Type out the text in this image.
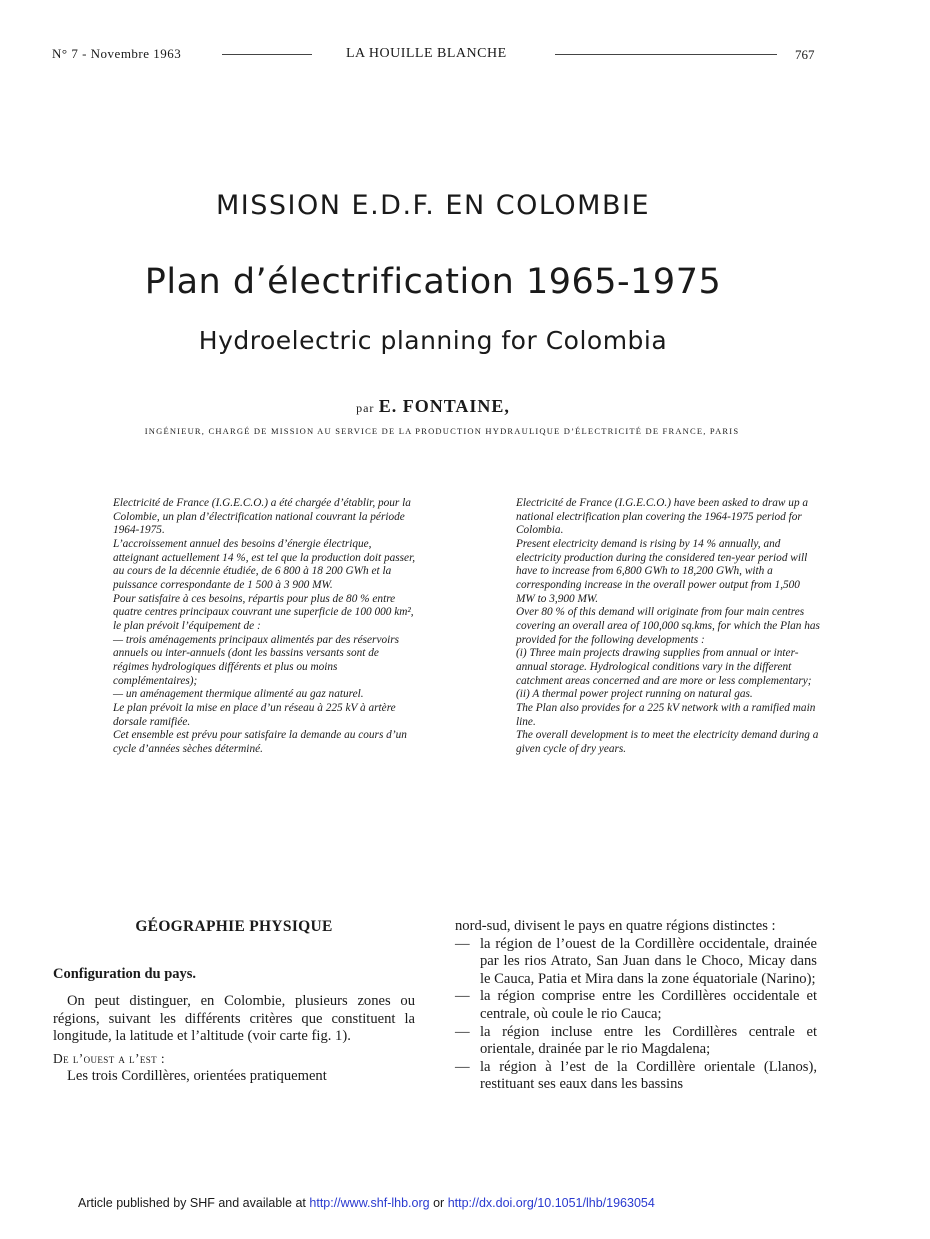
N° 7 - Novembre 1963	LA HOUILLE BLANCHE	767
MISSION E.D.F. EN COLOMBIE
Plan d’électrification 1965-1975
Hydroelectric planning for Colombia
par E. FONTAINE,
INGÉNIEUR, CHARGÉ DE MISSION AU SERVICE DE LA PRODUCTION HYDRAULIQUE D’ÉLECTRICITÉ DE FRANCE, PARIS

Electricité de France (I.G.E.C.O.) a été chargée d’établir, pour la Colombie, un plan d’électrification national couvrant la période 1964-1975.

L’accroissement annuel des besoins d’énergie électrique, atteignant actuellement 14 %, est tel que la production doit passer, au cours de la décennie étudiée, de 6 800 à 18 200 GWh et la puissance correspondante de 1 500 à 3 900 MW.

Pour satisfaire à ces besoins, répartis pour plus de 80 % entre quatre centres principaux couvrant une superficie de 100 000 km², le plan prévoit l’équipement de :

— trois aménagements principaux alimentés par des réservoirs annuels ou inter-annuels (dont les bassins versants sont de régimes hydrologiques différents et plus ou moins complémentaires);

— un aménagement thermique alimenté au gaz naturel.

Le plan prévoit la mise en place d’un réseau à 225 kV à artère dorsale ramifiée.

Cet ensemble est prévu pour satisfaire la demande au cours d’un cycle d’années sèches déterminé.

Electricité de France (I.G.E.C.O.) have been asked to draw up a national electrification plan covering the 1964-1975 period for Colombia.

Present electricity demand is rising by 14 % annually, and electricity production during the considered ten-year period will have to increase from 6,800 GWh to 18,200 GWh, with a corresponding increase in the overall power output from 1,500 MW to 3,900 MW.

Over 80 % of this demand will originate from four main centres covering an overall area of 100,000 sq.kms, for which the Plan has provided for the following developments :

(i) Three main projects drawing supplies from annual or inter-annual storage. Hydrological conditions vary in the different catchment areas concerned and are more or less complementary;

(ii) A thermal power project running on natural gas.

The Plan also provides for a 225 kV network with a ramified main line.

The overall development is to meet the electricity demand during a given cycle of dry years.

GÉOGRAPHIE PHYSIQUE

Configuration du pays.

On peut distinguer, en Colombie, plusieurs zones ou régions, suivant les différents critères que constituent la longitude, la latitude et l’altitude (voir carte fig. 1).

De l’ouest a l’est :

Les trois Cordillères, orientées pratiquement

nord-sud, divisent le pays en quatre régions distinctes :

— la région de l’ouest de la Cordillère occidentale, drainée par les rios Atrato, San Juan dans le Choco, Micay dans le Cauca, Patia et Mira dans la zone équatoriale (Narino);
— la région comprise entre les Cordillères occidentale et centrale, où coule le rio Cauca;
— la région incluse entre les Cordillères centrale et orientale, drainée par le rio Magdalena;
— la région à l’est de la Cordillère orientale (Llanos), restituant ses eaux dans les bassins
Article published by SHF and available at http://www.shf-lhb.org or http://dx.doi.org/10.1051/lhb/1963054
